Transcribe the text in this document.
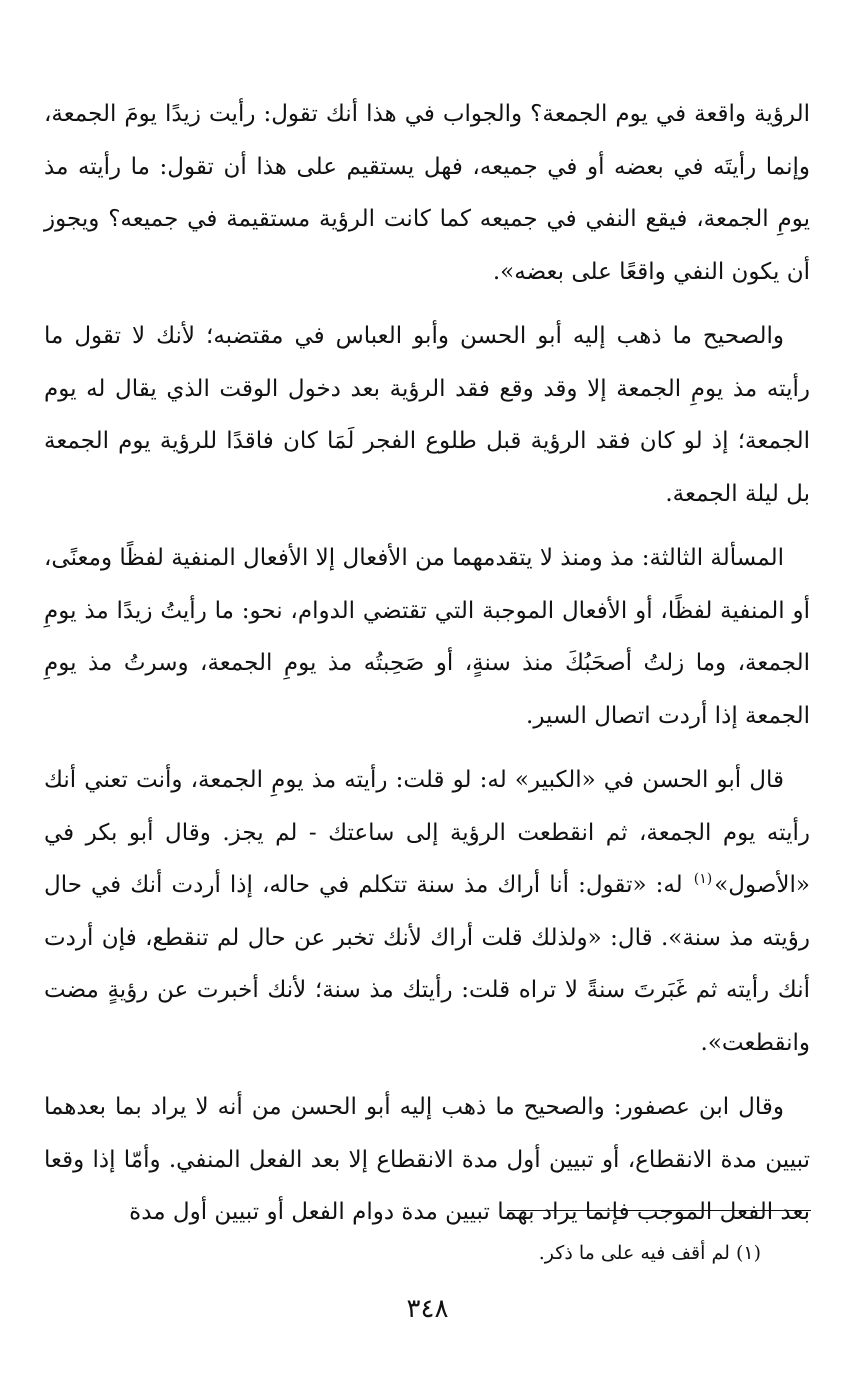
الرؤية واقعة في يوم الجمعة؟ والجواب في هذا أنك تقول: رأيت زيدًا يومَ الجمعة، وإنما رأيتَه في بعضه أو في جميعه، فهل يستقيم على هذا أن تقول: ما رأيته مذ يومِ الجمعة، فيقع النفي في جميعه كما كانت الرؤية مستقيمة في جميعه؟ ويجوز أن يكون النفي واقعًا على بعضه».

والصحيح ما ذهب إليه أبو الحسن وأبو العباس في مقتضبه؛ لأنك لا تقول ما رأيته مذ يومِ الجمعة إلا وقد وقع فقد الرؤية بعد دخول الوقت الذي يقال له يوم الجمعة؛ إذ لو كان فقد الرؤية قبل طلوع الفجر لَمَا كان فاقدًا للرؤية يوم الجمعة بل ليلة الجمعة.

المسألة الثالثة: مذ ومنذ لا يتقدمهما من الأفعال إلا الأفعال المنفية لفظًا ومعنًى، أو المنفية لفظًا، أو الأفعال الموجبة التي تقتضي الدوام، نحو: ما رأيتُ زيدًا مذ يومِ الجمعة، وما زلتُ أصحَبُكَ منذ سنةٍ، أو صَحِبتُه مذ يومِ الجمعة، وسرتُ مذ يومِ الجمعة إذا أردت اتصال السير.

قال أبو الحسن في «الكبير» له: لو قلت: رأيته مذ يومِ الجمعة، وأنت تعني أنك رأيته يوم الجمعة، ثم انقطعت الرؤية إلى ساعتك - لم يجز. وقال أبو بكر في «الأصول»$^{(١)}$ له: «تقول: أنا أراك مذ سنة تتكلم في حاله، إذا أردت أنك في حال رؤيته مذ سنة». قال: «ولذلك قلت أراك لأنك تخبر عن حال لم تنقطع، فإن أردت أنك رأيته ثم غَبَرتَ سنةً لا تراه قلت: رأيتك مذ سنة؛ لأنك أخبرت عن رؤيةٍ مضت وانقطعت».

وقال ابن عصفور: والصحيح ما ذهب إليه أبو الحسن من أنه لا يراد بما بعدهما تبيين مدة الانقطاع، أو تبيين أول مدة الانقطاع إلا بعد الفعل المنفي. وأمّا إذا وقعا بعد الفعل الموجب فإنما يراد بهما تبيين مدة دوام الفعل أو تبيين أول مدة

(١) لم أقف فيه على ما ذكر.
٣٤٨
